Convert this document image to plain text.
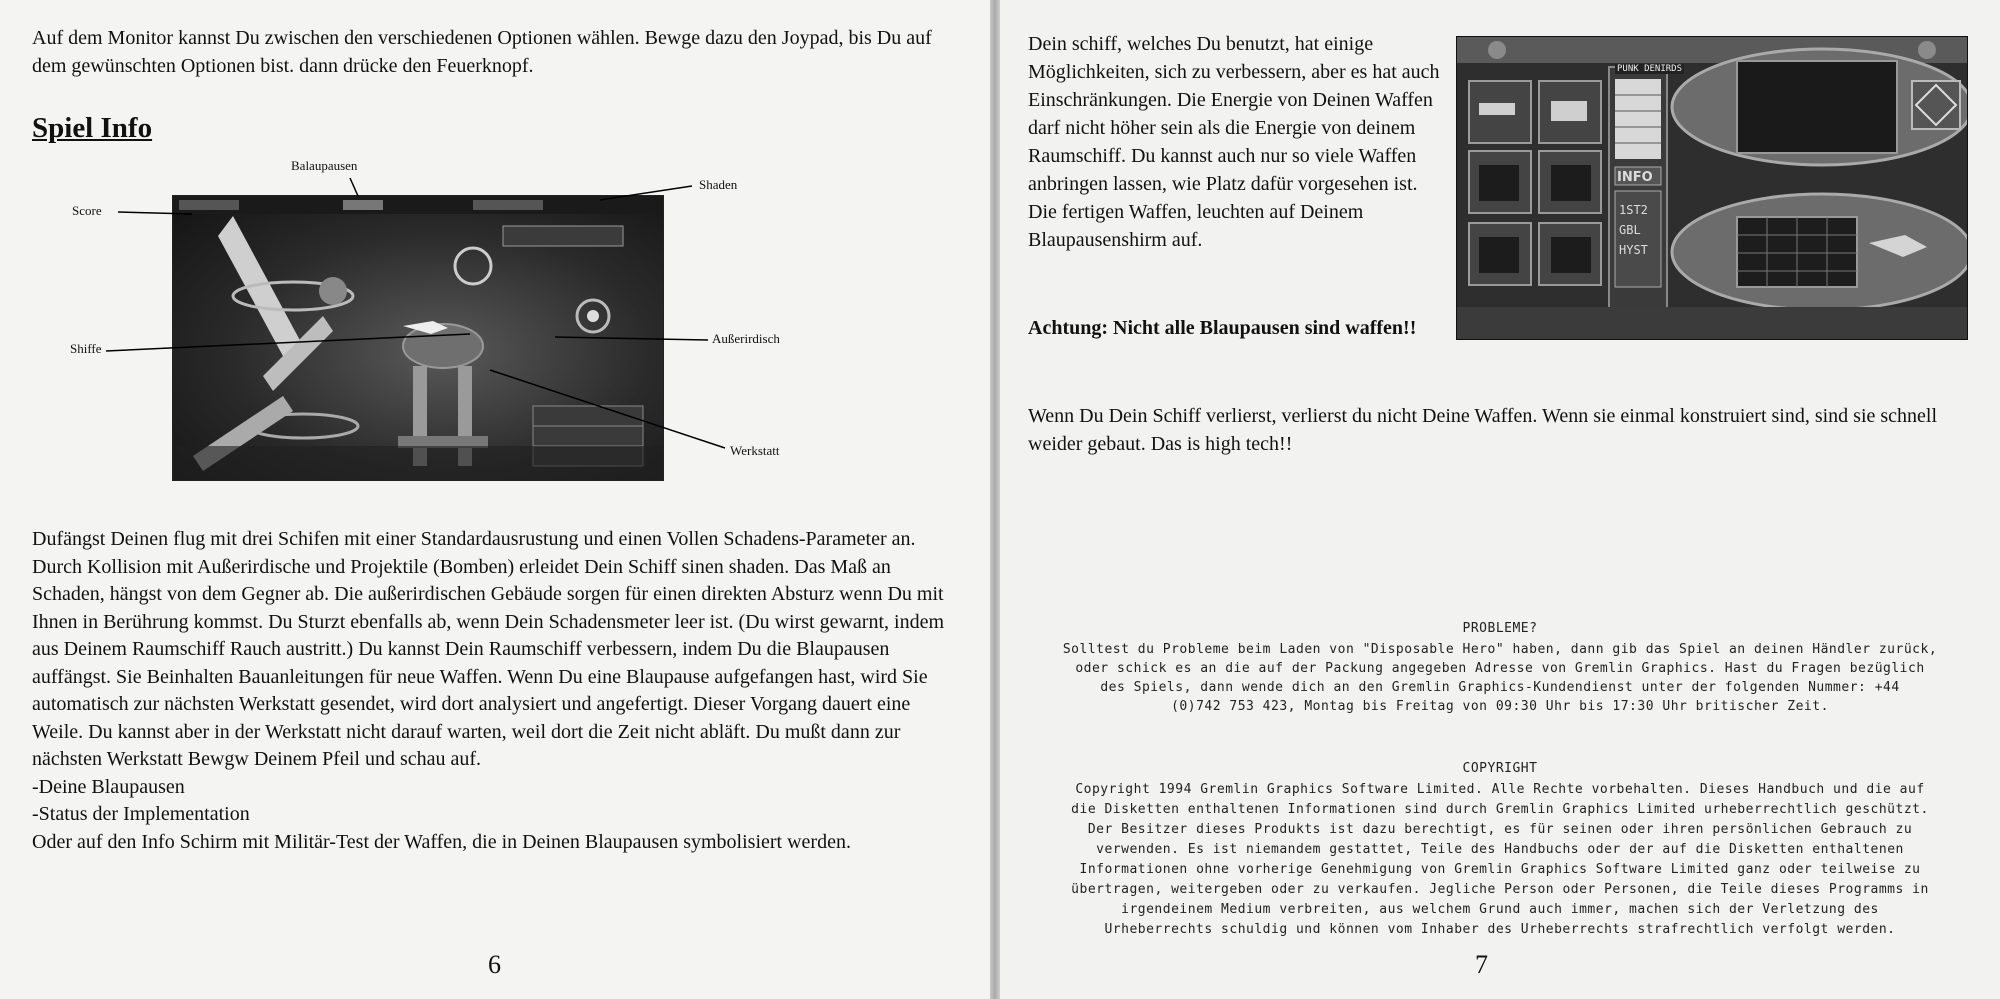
Auf dem Monitor kannst Du zwischen den verschiedenen Optionen wählen. Bewge dazu den Joypad, bis Du auf dem gewünschten Optionen bist. dann drücke den Feuerknopf.

Spiel Info
Balaupausen
Score
Shaden
Shiffe
Außerirdisch
Werkstatt

Dufängst Deinen flug mit drei Schifen mit einer Standardausrustung und einen Vollen Schadens-Parameter an. Durch Kollision mit Außerirdische und Projektile (Bomben) erleidet Dein Schiff sinen shaden. Das Maß an Schaden, hängst von dem Gegner ab. Die außerirdischen Gebäude sorgen für einen direkten Absturz wenn Du mit Ihnen in Berührung kommst. Du Sturzt ebenfalls ab, wenn Dein Schadensmeter leer ist. (Du wirst gewarnt, indem aus Deinem Raumschiff Rauch austritt.) Du kannst Dein Raumschiff verbessern, indem Du die Blaupausen auffängst. Sie Beinhalten Bauanleitungen für neue Waffen. Wenn Du eine Blaupause aufgefangen hast, wird Sie automatisch zur nächsten Werkstatt gesendet, wird dort analysiert und angefertigt. Dieser Vorgang dauert eine Weile. Du kannst aber in der Werkstatt nicht darauf warten, weil dort die Zeit nicht abläft. Du mußt dann zur nächsten Werkstatt Bewgw Deinem Pfeil und schau auf.

-Deine Blaupausen

-Status der Implementation

Oder auf den Info Schirm mit Militär-Test der Waffen, die in Deinen Blaupausen symbolisiert werden.

6

Dein schiff, welches Du benutzt, hat einige Möglichkeiten, sich zu verbessern, aber es hat auch Einschränkungen. Die Energie von Deinen Waffen darf nicht höher sein als die Energie von deinem Raumschiff. Du kannst auch nur so viele Waffen anbringen lassen, wie Platz dafür vorgesehen ist. Die fertigen Waffen, leuchten auf Deinem Blaupausenshirm auf.

Achtung: Nicht alle Blaupausen sind waffen!!

Wenn Du Dein Schiff verlierst, verlierst du nicht Deine Waffen. Wenn sie einmal konstruiert sind, sind sie schnell weider gebaut. Das is high tech!!

PUNK DENIRDS
INFO
1ST2
GBL
HYST
PROBLEME?
Solltest du Probleme beim Laden von "Disposable Hero" haben, dann gib das Spiel an deinen Händler zurück,
oder schick es an die auf der Packung angegeben Adresse von Gremlin Graphics. Hast du Fragen bezüglich
des Spiels, dann wende dich an den Gremlin Graphics-Kundendienst unter der folgenden Nummer: +44
(0)742 753 423, Montag bis Freitag von 09:30 Uhr bis 17:30 Uhr britischer Zeit.
COPYRIGHT
Copyright 1994 Gremlin Graphics Software Limited. Alle Rechte vorbehalten. Dieses Handbuch und die auf
die Disketten enthaltenen Informationen sind durch Gremlin Graphics Limited urheberrechtlich geschützt.
Der Besitzer dieses Produkts ist dazu berechtigt, es für seinen oder ihren persönlichen Gebrauch zu
verwenden. Es ist niemandem gestattet, Teile des Handbuchs oder der auf die Disketten enthaltenen
Informationen ohne vorherige Genehmigung von Gremlin Graphics Software Limited ganz oder teilweise zu
übertragen, weitergeben oder zu verkaufen. Jegliche Person oder Personen, die Teile dieses Programms in
irgendeinem Medium verbreiten, aus welchem Grund auch immer, machen sich der Verletzung des
Urheberrechts schuldig und können vom Inhaber des Urheberrechts strafrechtlich verfolgt werden.
7
